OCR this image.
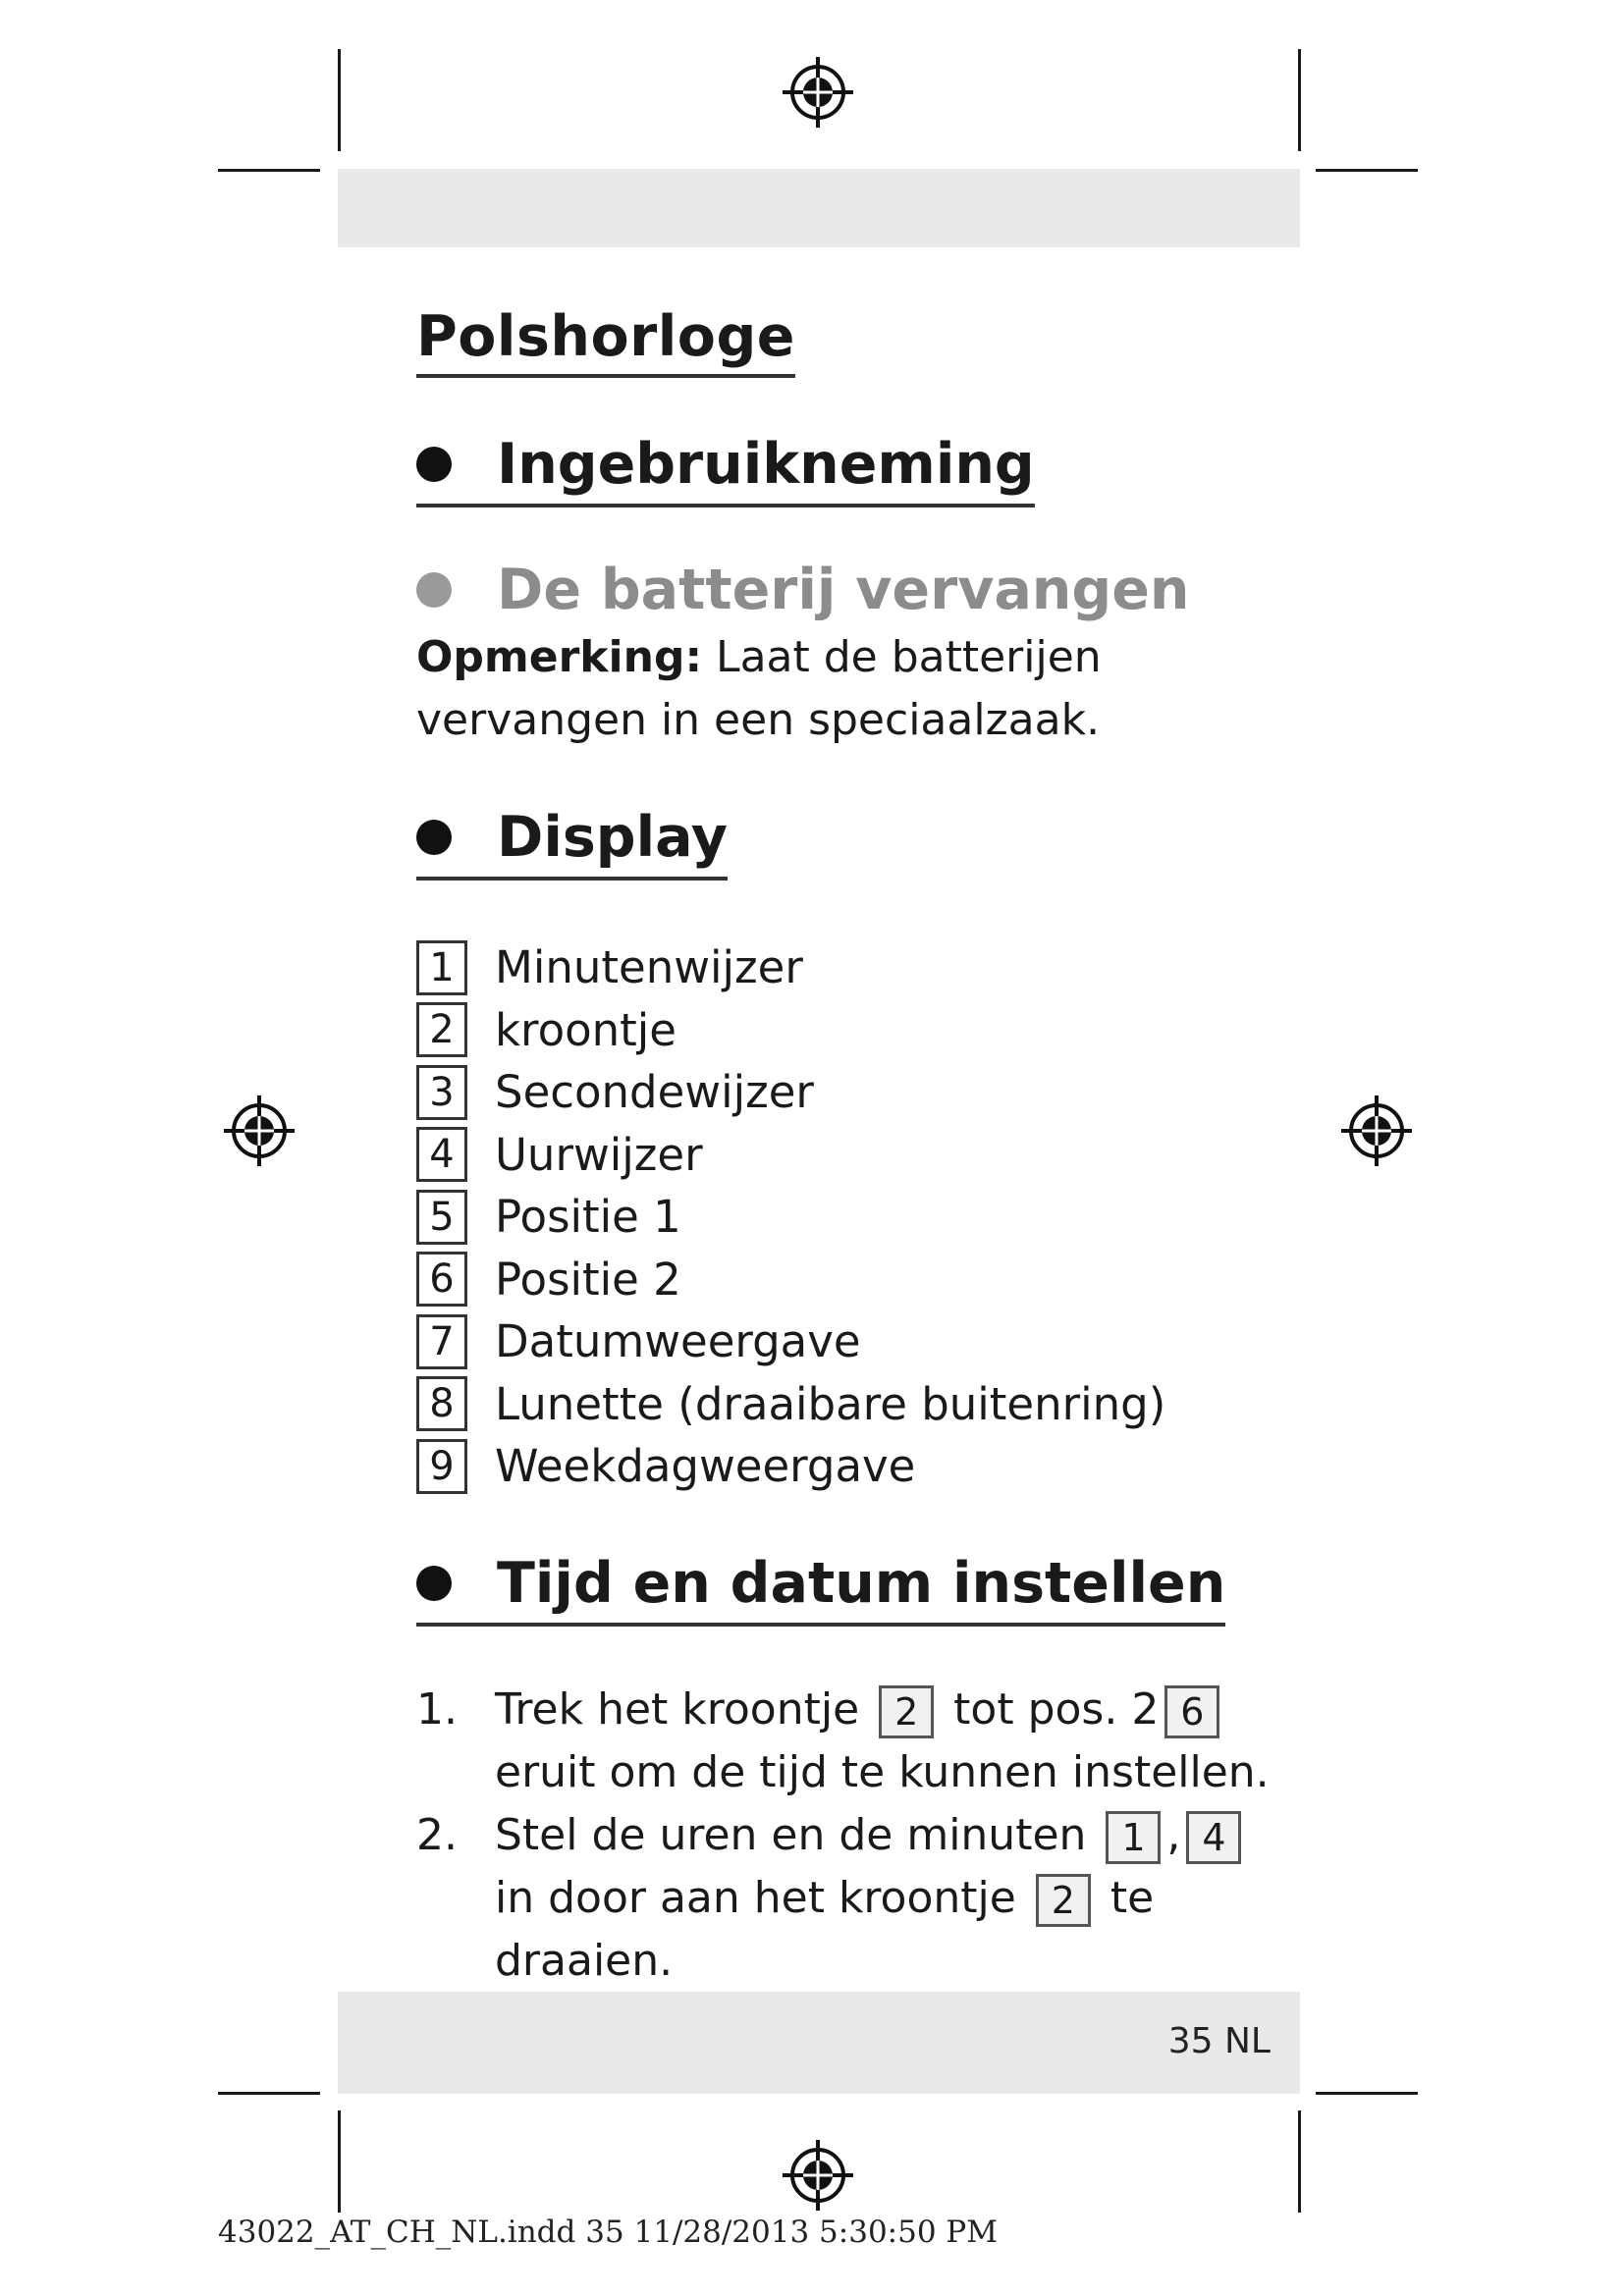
Polshorloge
Ingebruikneming
De batterij vervangen

Opmerking: Laat de batterijen vervangen in een speciaalzaak.

Display
1 Minutenwijzer
2 kroontje
3 Secondewijzer
4 Uurwijzer
5 Positie 1
6 Positie 2
7 Datumweergave
8 Lunette (draaibare buitenring)
9 Weekdagweergave
Tijd en datum instellen
1. Trek het kroontje 2 tot pos. 2 6
eruit om de tijd te kunnen instellen.
2. Stel de uren en de minuten 1 , 4 in door aan het kroontje 2 te draaien.
35 NL
43022_AT_CH_NL.indd 35 11/28/2013 5:30:50 PM
